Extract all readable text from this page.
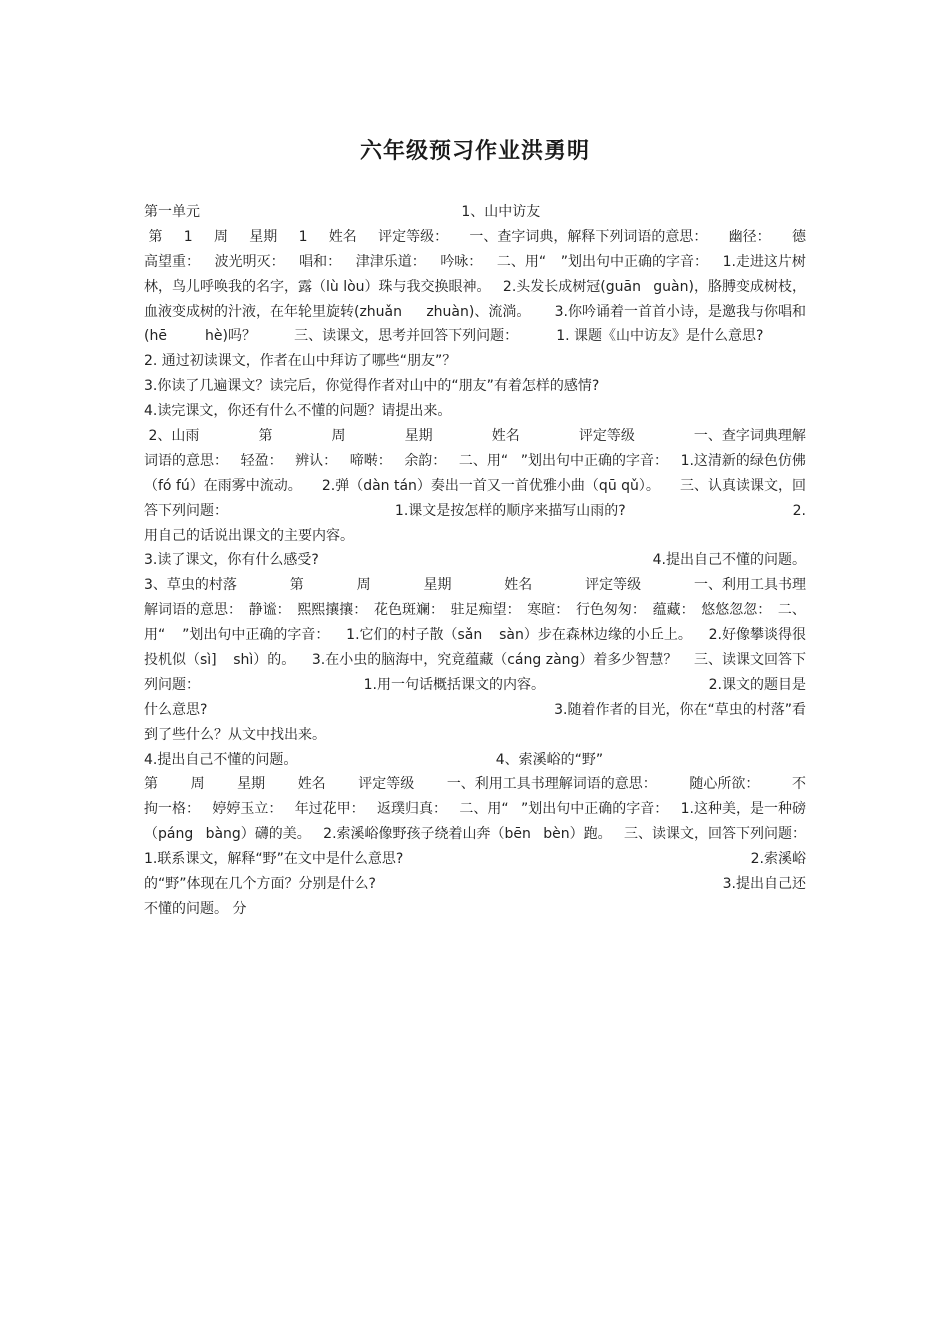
六年级预习作业洪勇明
第一单元	1、山中访友

第 1 周 星期 1 姓名 评定等级： 一、查字词典，解释下列词语的意思： 幽径： 德
高望重： 波光明灭： 唱和： 津津乐道： 吟咏： 二、用“ ”划出句中正确的字音： 1.走进这片树
林，鸟儿呼唤我的名字，露（lù lòu）珠与我交换眼神。 2.头发长成树冠(guān guàn)，胳膊变成树枝，
血液变成树的汁液，在年轮里旋转(zhuǎn zhuàn)、流淌。 3.你吟诵着一首首小诗，是邀我与你唱和
(hē	hè)吗？	三、读课文，思考并回答下列问题：	1. 课题《山中访友》是什么意思?

2. 通过初读课文，作者在山中拜访了哪些“朋友”？
3.你读了几遍课文？读完后，你觉得作者对山中的“朋友”有着怎样的感情?
4.读完课文，你还有什么不懂的问题？请提出来。
2、山雨	第	周	星期	姓名	评定等级	一、查字词典理解
词语的意思： 轻盈： 辨认： 啼啭： 余韵： 二、用“ ”划出句中正确的字音： 1.这清新的绿色仿佛
（fó fú）在雨雾中流动。 2.弹（dàn tán）奏出一首又一首优雅小曲（qū qǔ）。 三、认真读课文，回
答下列问题：	1.课文是按怎样的顺序来描写山雨的?	2.
用自己的话说出课文的主要内容。
3.读了课文，你有什么感受?	4.提出自己不懂的问题。
3、草虫的村落	第	周	星期	姓名	评定等级	一、利用工具书理
解词语的意思： 静谧： 熙熙攘攘： 花色斑斓： 驻足痴望： 寒暄： 行色匆匆： 蕴藏： 悠悠忽忽： 二、
用“ ”划出句中正确的字音： 1.它们的村子散（sǎn sàn）步在森林边缘的小丘上。 2.好像攀谈得很
投机似（sì] shì）的。 3.在小虫的脑海中，究竟蕴藏（cáng zàng）着多少智慧？ 三、读课文回答下
列问题：	1.用一句话概括课文的内容。	2.课文的题目是
什么意思?	3.随着作者的目光，你在“草虫的村落”看
到了些什么？从文中找出来。
4.提出自己不懂的问题。	4、索溪峪的“野”

第 周 星期 姓名 评定等级 一、利用工具书理解词语的意思： 随心所欲： 不
拘一格： 婷婷玉立： 年过花甲： 返璞归真： 二、用“ ”划出句中正确的字音： 1.这种美，是一种磅
（páng bàng）礴的美。 2.索溪峪像野孩子绕着山奔（bēn bèn）跑。 三、读课文，回答下列问题：
1.联系课文，解释“野”在文中是什么意思?	2.索溪峪
的“野”体现在几个方面？分别是什么?	3.提出自己还
不懂的问题。 分
